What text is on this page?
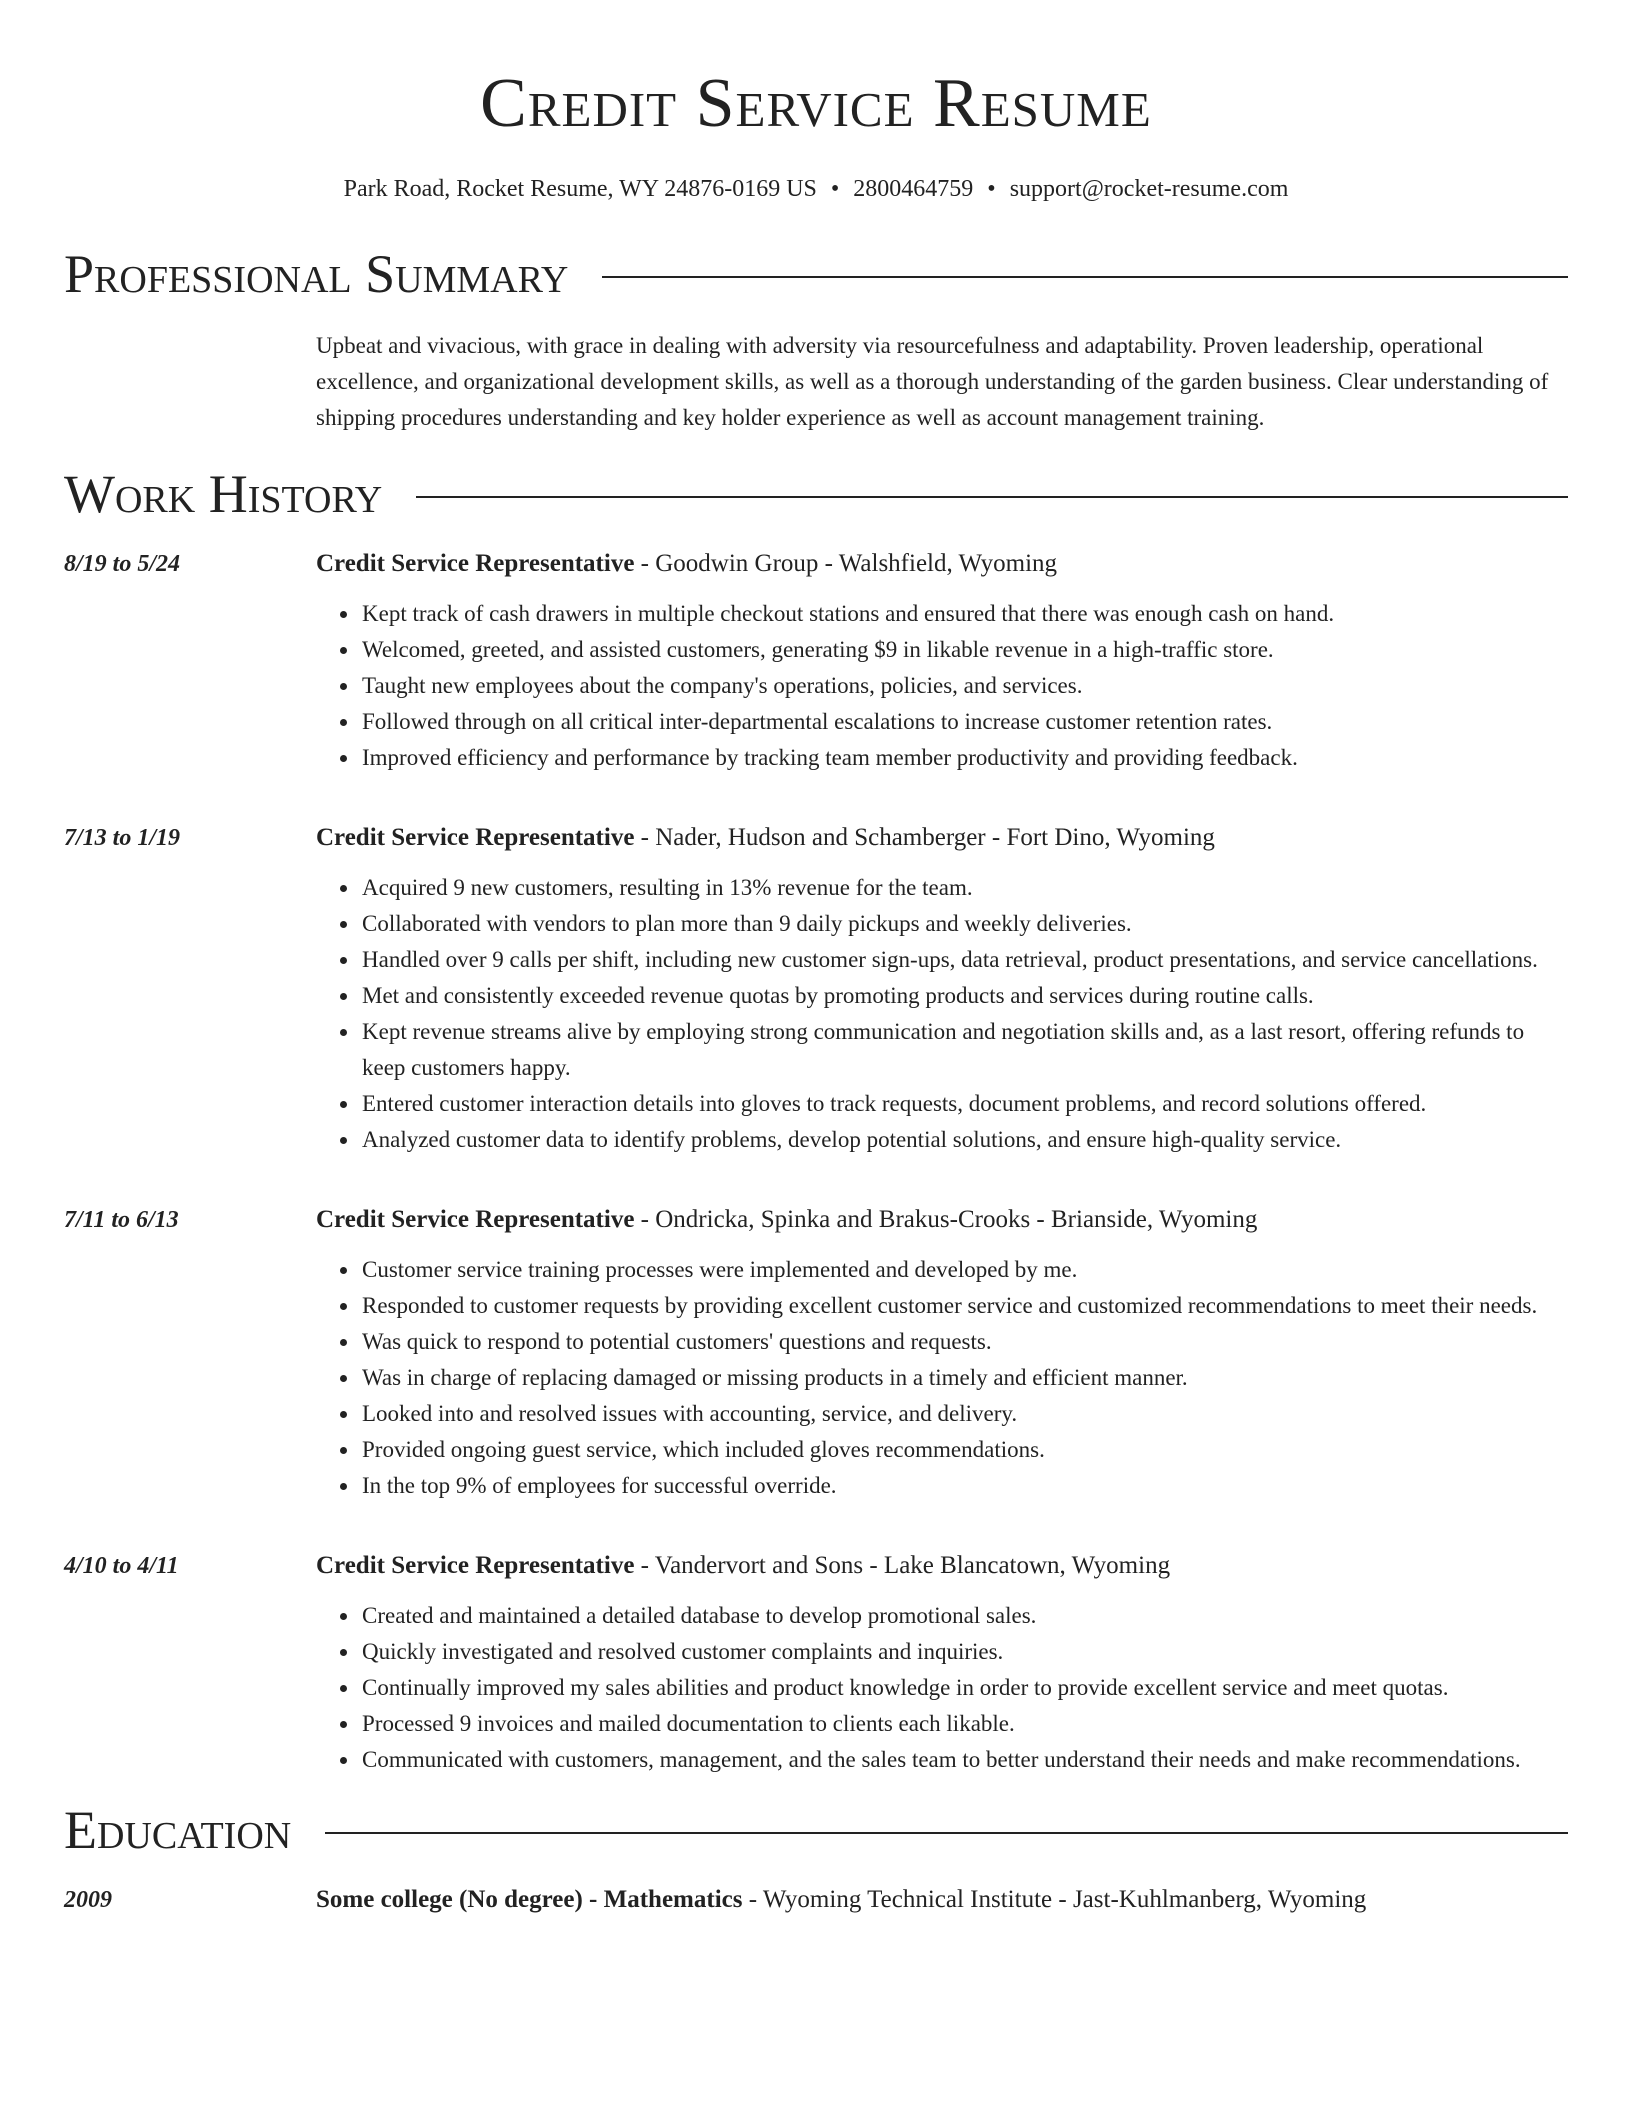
Credit Service Resume
Park Road, Rocket Resume, WY 24876-0169 US • 2800464759 • support@rocket-resume.com
Professional Summary
Upbeat and vivacious, with grace in dealing with adversity via resourcefulness and adaptability. Proven leadership, operational excellence, and organizational development skills, as well as a thorough understanding of the garden business. Clear understanding of shipping procedures understanding and key holder experience as well as account management training.
Work History
8/19 to 5/24	Credit Service Representative - Goodwin Group - Walshfield, Wyoming
• Kept track of cash drawers in multiple checkout stations and ensured that there was enough cash on hand.
• Welcomed, greeted, and assisted customers, generating $9 in likable revenue in a high-traffic store.
• Taught new employees about the company's operations, policies, and services.
• Followed through on all critical inter-departmental escalations to increase customer retention rates.
• Improved efficiency and performance by tracking team member productivity and providing feedback.
7/13 to 1/19	Credit Service Representative - Nader, Hudson and Schamberger - Fort Dino, Wyoming
• Acquired 9 new customers, resulting in 13% revenue for the team.
• Collaborated with vendors to plan more than 9 daily pickups and weekly deliveries.
• Handled over 9 calls per shift, including new customer sign-ups, data retrieval, product presentations, and service cancellations.
• Met and consistently exceeded revenue quotas by promoting products and services during routine calls.
• Kept revenue streams alive by employing strong communication and negotiation skills and, as a last resort, offering refunds to keep customers happy.
• Entered customer interaction details into gloves to track requests, document problems, and record solutions offered.
• Analyzed customer data to identify problems, develop potential solutions, and ensure high-quality service.
7/11 to 6/13	Credit Service Representative - Ondricka, Spinka and Brakus-Crooks - Brianside, Wyoming
• Customer service training processes were implemented and developed by me.
• Responded to customer requests by providing excellent customer service and customized recommendations to meet their needs.
• Was quick to respond to potential customers' questions and requests.
• Was in charge of replacing damaged or missing products in a timely and efficient manner.
• Looked into and resolved issues with accounting, service, and delivery.
• Provided ongoing guest service, which included gloves recommendations.
• In the top 9% of employees for successful override.
4/10 to 4/11	Credit Service Representative - Vandervort and Sons - Lake Blancatown, Wyoming
• Created and maintained a detailed database to develop promotional sales.
• Quickly investigated and resolved customer complaints and inquiries.
• Continually improved my sales abilities and product knowledge in order to provide excellent service and meet quotas.
• Processed 9 invoices and mailed documentation to clients each likable.
• Communicated with customers, management, and the sales team to better understand their needs and make recommendations.
Education
2009	Some college (No degree) - Mathematics - Wyoming Technical Institute - Jast-Kuhlmanberg, Wyoming
